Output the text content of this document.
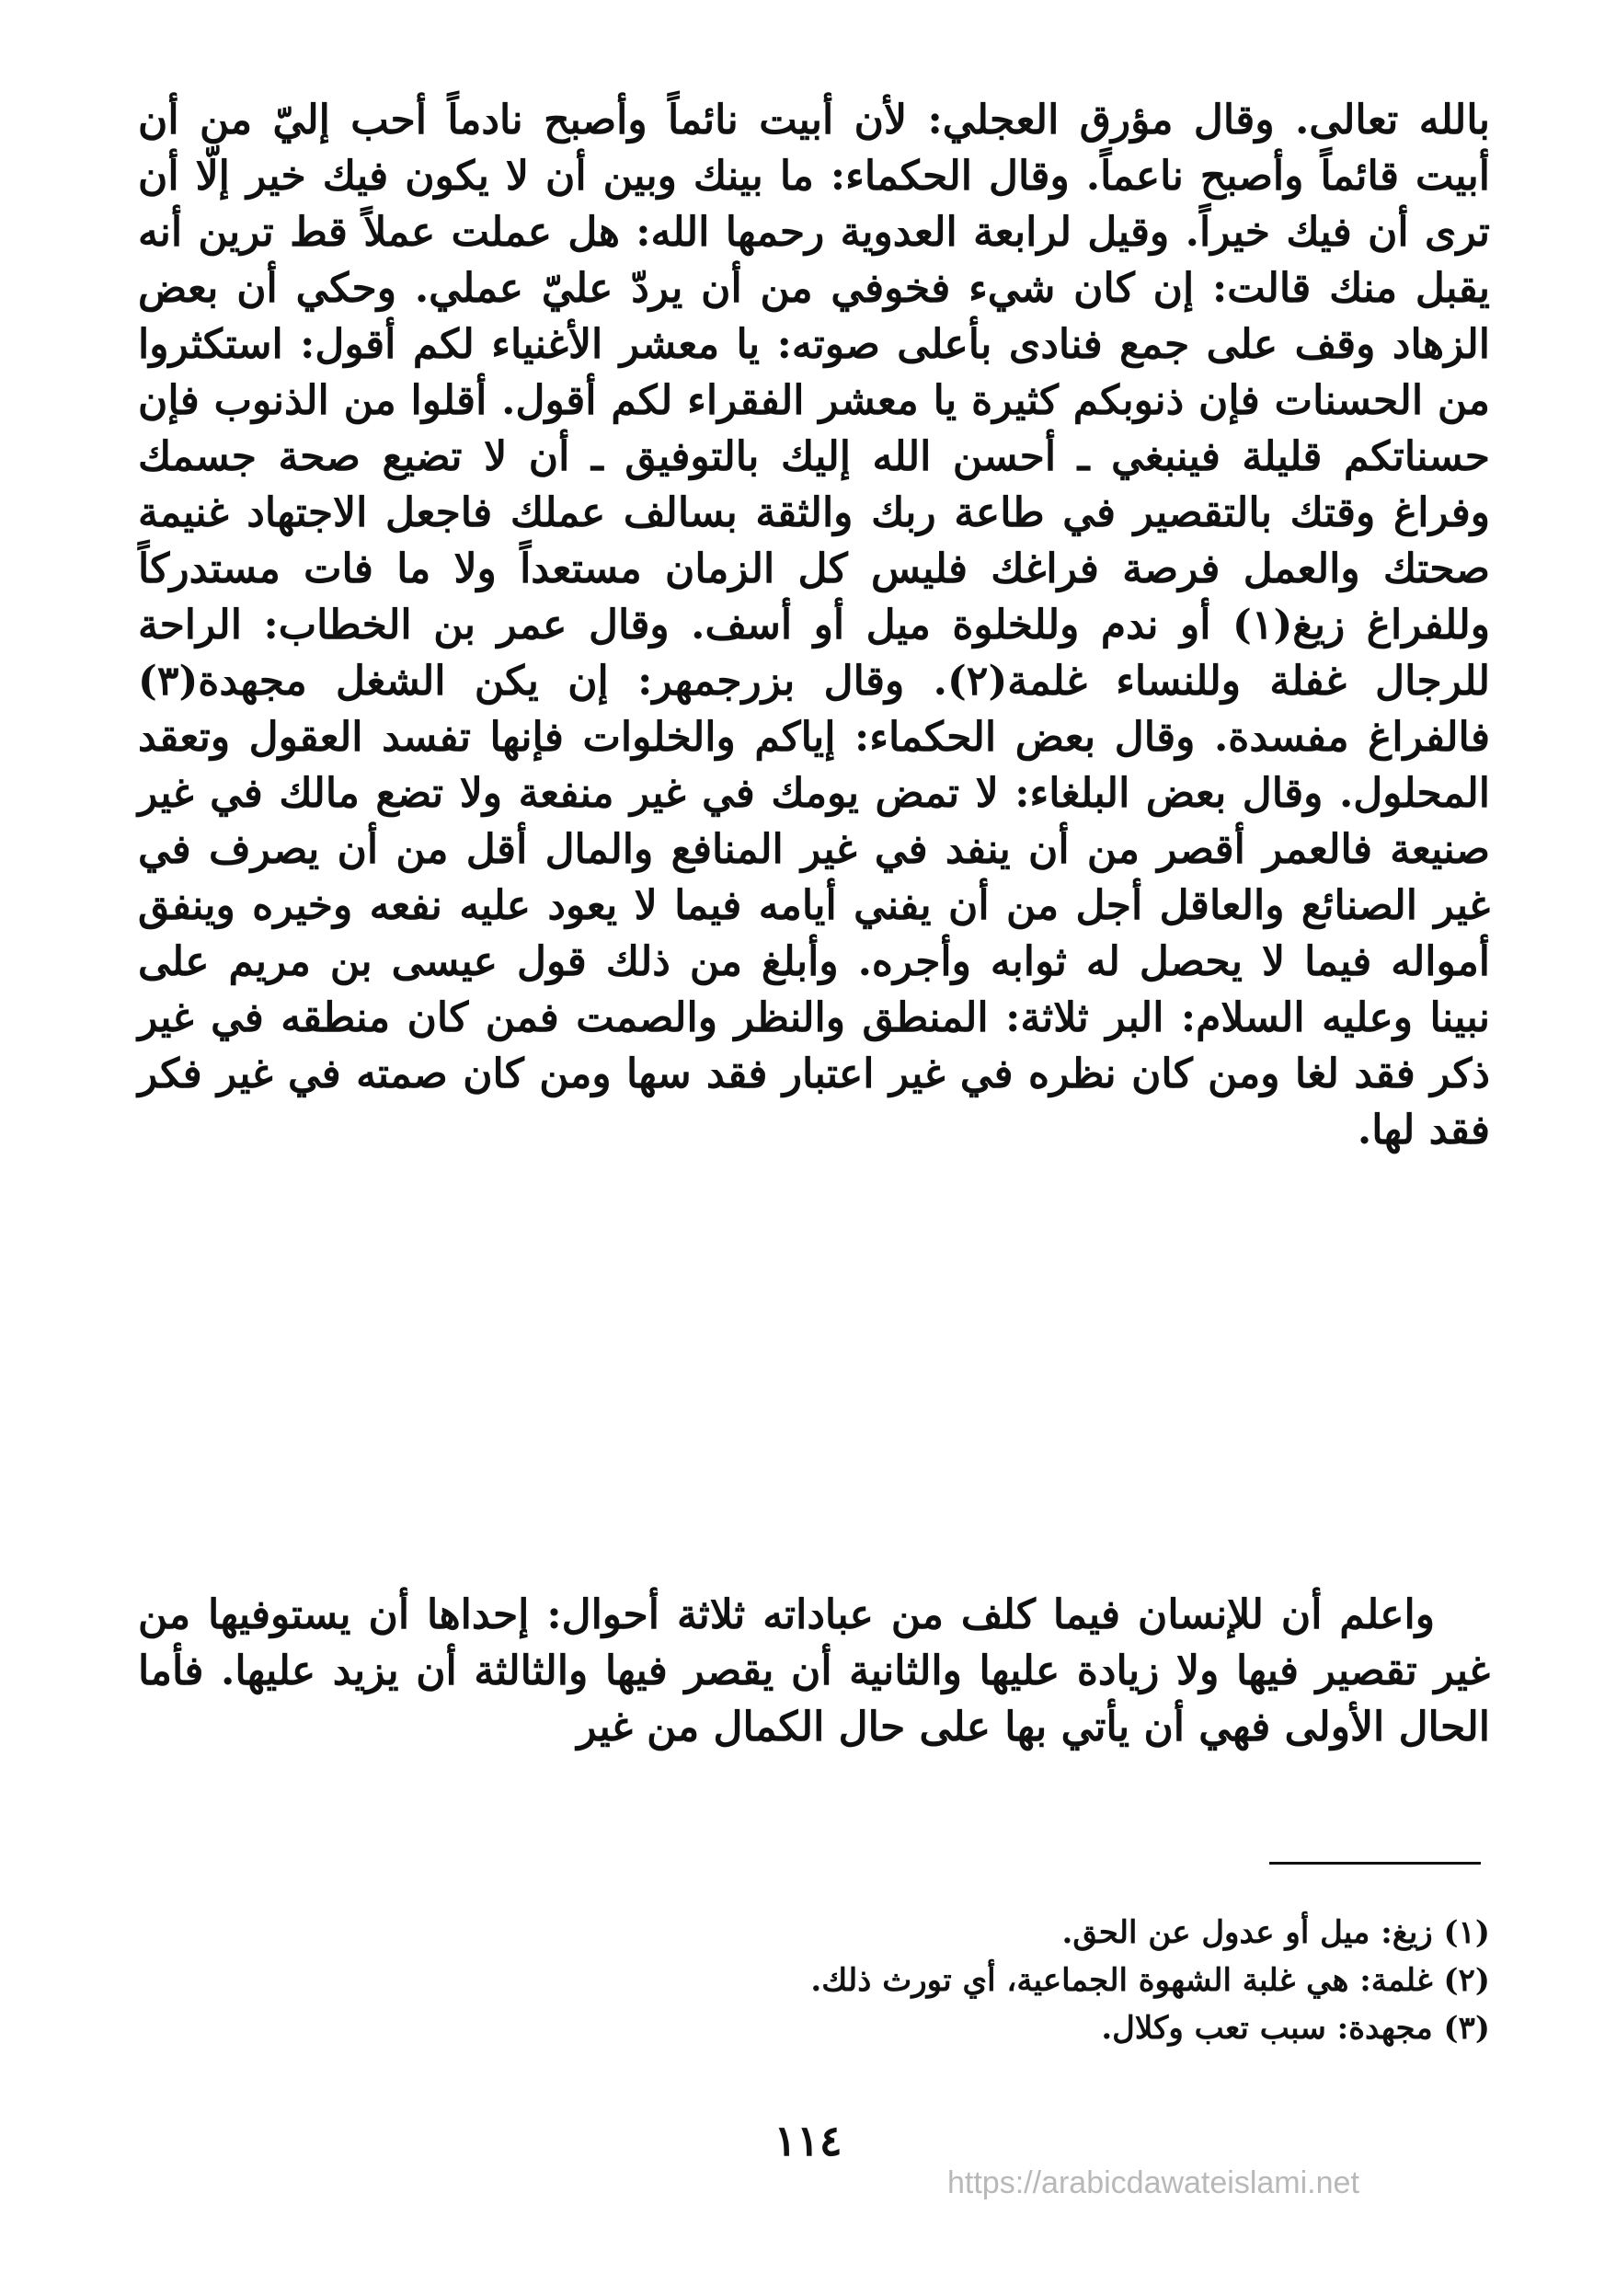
بالله تعالى. وقال مؤرق العجلي: لأن أبيت نائماً وأصبح نادماً أحب إليّ من أن أبيت قائماً وأصبح ناعماً. وقال الحكماء: ما بينك وبين أن لا يكون فيك خير إلّا أن ترى أن فيك خيراً. وقيل لرابعة العدوية رحمها الله: هل عملت عملاً قط ترين أنه يقبل منك قالت: إن كان شيء فخوفي من أن يردّ عليّ عملي. وحكي أن بعض الزهاد وقف على جمع فنادى بأعلى صوته: يا معشر الأغنياء لكم أقول: استكثروا من الحسنات فإن ذنوبكم كثيرة يا معشر الفقراء لكم أقول. أقلوا من الذنوب فإن حسناتكم قليلة فينبغي ـ أحسن الله إليك بالتوفيق ـ أن لا تضيع صحة جسمك وفراغ وقتك بالتقصير في طاعة ربك والثقة بسالف عملك فاجعل الاجتهاد غنيمة صحتك والعمل فرصة فراغك فليس كل الزمان مستعداً ولا ما فات مستدركاً وللفراغ زيغ(١) أو ندم وللخلوة ميل أو أسف. وقال عمر بن الخطاب: الراحة للرجال غفلة وللنساء غلمة(٢). وقال بزرجمهر: إن يكن الشغل مجهدة(٣) فالفراغ مفسدة. وقال بعض الحكماء: إياكم والخلوات فإنها تفسد العقول وتعقد المحلول. وقال بعض البلغاء: لا تمض يومك في غير منفعة ولا تضع مالك في غير صنيعة فالعمر أقصر من أن ينفد في غير المنافع والمال أقل من أن يصرف في غير الصنائع والعاقل أجل من أن يفني أيامه فيما لا يعود عليه نفعه وخيره وينفق أمواله فيما لا يحصل له ثوابه وأجره. وأبلغ من ذلك قول عيسى بن مريم على نبينا وعليه السلام: البر ثلاثة: المنطق والنظر والصمت فمن كان منطقه في غير ذكر فقد لغا ومن كان نظره في غير اعتبار فقد سها ومن كان صمته في غير فكر فقد لها.

واعلم أن للإنسان فيما كلف من عباداته ثلاثة أحوال: إحداها أن يستوفيها من غير تقصير فيها ولا زيادة عليها والثانية أن يقصر فيها والثالثة أن يزيد عليها. فأما الحال الأولى فهي أن يأتي بها على حال الكمال من غير

(١) زيغ: ميل أو عدول عن الحق.
(٢) غلمة: هي غلبة الشهوة الجماعية، أي تورث ذلك.
(٣) مجهدة: سبب تعب وكلال.
١١٤
https://arabicdawateislami.net
